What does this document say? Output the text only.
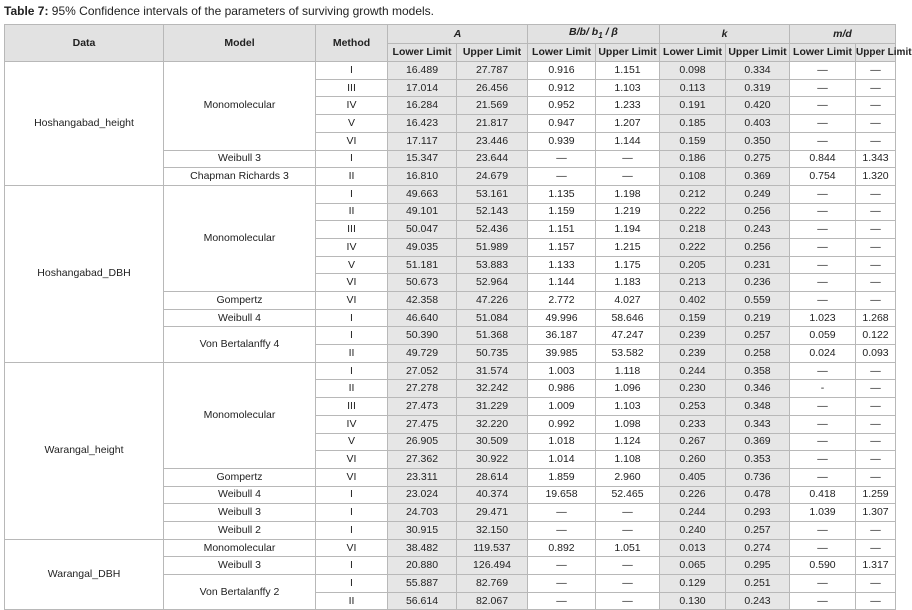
Table 7: 95% Confidence intervals of the parameters of surviving growth models.
Data	Model	Method	A		B/b/ $b_1$ / β		k		m/d	
			Lower Limit	Upper Limit	Lower Limit	Upper Limit	Lower Limit	Upper Limit	Lower Limit	Upper Limit
Hoshangabad_height	Monomolecular	I	16.489	27.787	0.916	1.151	0.098	0.334	—	—
		III	17.014	26.456	0.912	1.103	0.113	0.319	—	—
		IV	16.284	21.569	0.952	1.233	0.191	0.420	—	—
		V	16.423	21.817	0.947	1.207	0.185	0.403	—	—
		VI	17.117	23.446	0.939	1.144	0.159	0.350	—	—
	Weibull 3	I	15.347	23.644	—	—	0.186	0.275	0.844	1.343
	Chapman Richards 3	II	16.810	24.679	—	—	0.108	0.369	0.754	1.320
Hoshangabad_DBH	Monomolecular	I	49.663	53.161	1.135	1.198	0.212	0.249	—	—
		II	49.101	52.143	1.159	1.219	0.222	0.256	—	—
		III	50.047	52.436	1.151	1.194	0.218	0.243	—	—
		IV	49.035	51.989	1.157	1.215	0.222	0.256	—	—
		V	51.181	53.883	1.133	1.175	0.205	0.231	—	—
		VI	50.673	52.964	1.144	1.183	0.213	0.236	—	—
	Gompertz	VI	42.358	47.226	2.772	4.027	0.402	0.559	—	—
	Weibull 4	I	46.640	51.084	49.996	58.646	0.159	0.219	1.023	1.268
	Von Bertalanffy 4	I	50.390	51.368	36.187	47.247	0.239	0.257	0.059	0.122
		II	49.729	50.735	39.985	53.582	0.239	0.258	0.024	0.093
Warangal_height	Monomolecular	I	27.052	31.574	1.003	1.118	0.244	0.358	—	—
		II	27.278	32.242	0.986	1.096	0.230	0.346	-	—
		III	27.473	31.229	1.009	1.103	0.253	0.348	—	—
		IV	27.475	32.220	0.992	1.098	0.233	0.343	—	—
		V	26.905	30.509	1.018	1.124	0.267	0.369	—	—
		VI	27.362	30.922	1.014	1.108	0.260	0.353	—	—
	Gompertz	VI	23.311	28.614	1.859	2.960	0.405	0.736	—	—
	Weibull 4	I	23.024	40.374	19.658	52.465	0.226	0.478	0.418	1.259
	Weibull 3	I	24.703	29.471	—	—	0.244	0.293	1.039	1.307
	Weibull 2	I	30.915	32.150	—	—	0.240	0.257	—	—
Warangal_DBH	Monomolecular	VI	38.482	119.537	0.892	1.051	0.013	0.274	—	—
	Weibull 3	I	20.880	126.494	—	—	0.065	0.295	0.590	1.317
	Von Bertalanffy 2	I	55.887	82.769	—	—	0.129	0.251	—	—
		II	56.614	82.067	—	—	0.130	0.243	—	—
